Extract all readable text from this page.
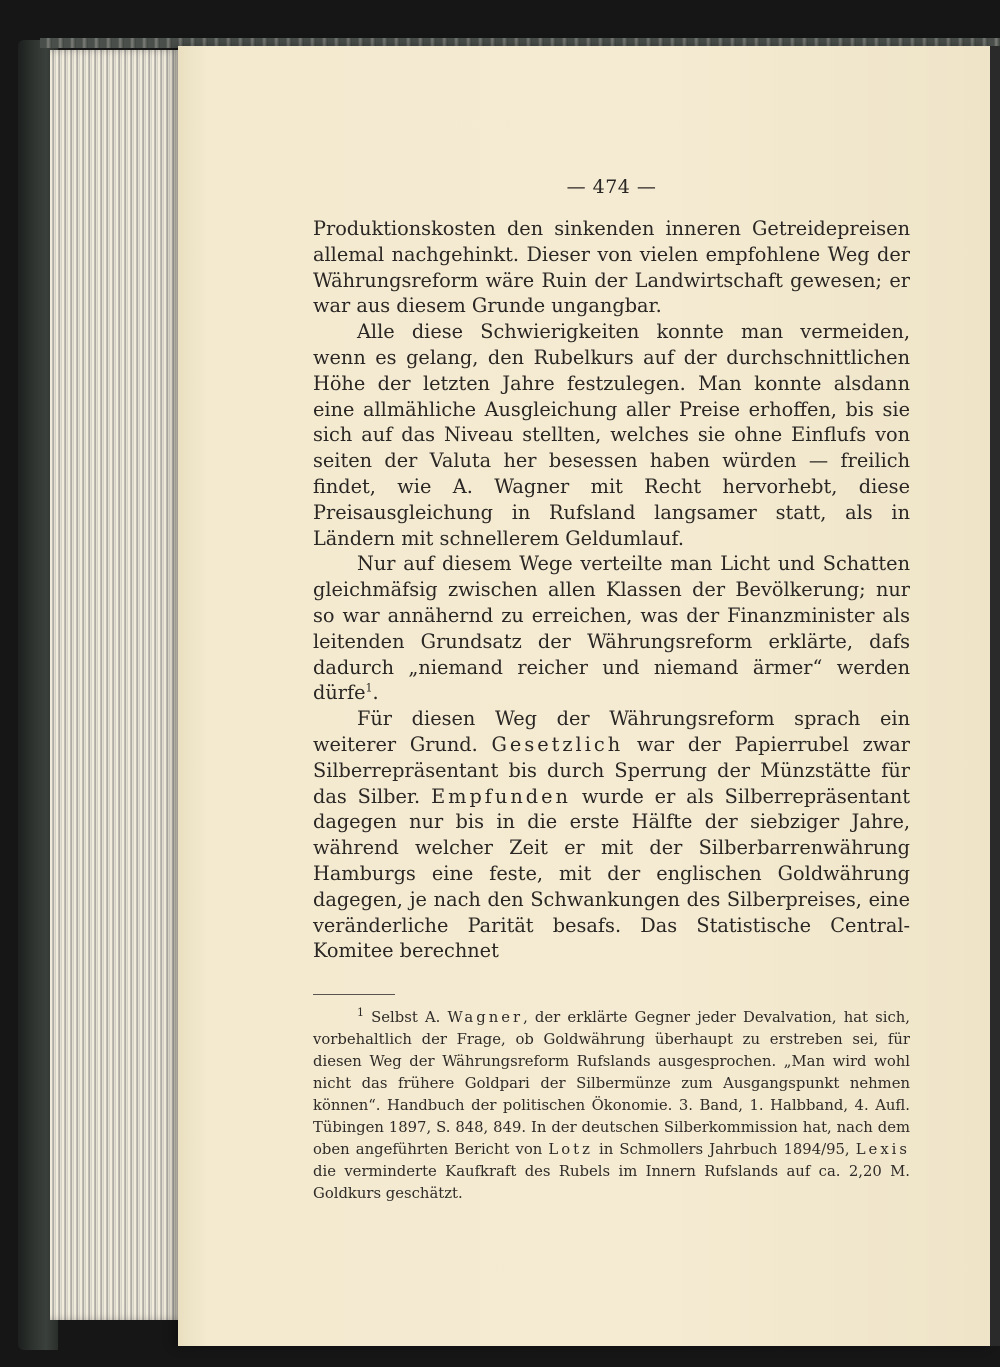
— 474 —

Produktionskosten den sinkenden inneren Getreidepreisen allemal nachgehinkt. Dieser von vielen empfohlene Weg der Währungsreform wäre Ruin der Landwirtschaft gewesen; er war aus diesem Grunde ungangbar.

Alle diese Schwierigkeiten konnte man vermeiden, wenn es gelang, den Rubelkurs auf der durchschnittlichen Höhe der letzten Jahre festzulegen. Man konnte alsdann eine allmähliche Ausgleichung aller Preise erhoffen, bis sie sich auf das Niveau stellten, welches sie ohne Einflufs von seiten der Valuta her besessen haben würden — freilich findet, wie A. Wagner mit Recht hervorhebt, diese Preisausgleichung in Rufsland langsamer statt, als in Ländern mit schnellerem Geldumlauf.

Nur auf diesem Wege verteilte man Licht und Schatten gleichmäfsig zwischen allen Klassen der Bevölkerung; nur so war annähernd zu erreichen, was der Finanzminister als leitenden Grundsatz der Währungsreform erklärte, dafs dadurch „niemand reicher und niemand ärmer“ werden dürfe$^1$.

Für diesen Weg der Währungsreform sprach ein weiterer Grund. Gesetzlich war der Papierrubel zwar Silberrepräsentant bis durch Sperrung der Münzstätte für das Silber. Empfunden wurde er als Silberrepräsentant dagegen nur bis in die erste Hälfte der siebziger Jahre, während welcher Zeit er mit der Silberbarrenwährung Hamburgs eine feste, mit der englischen Goldwährung dagegen, je nach den Schwankungen des Silberpreises, eine veränderliche Parität besafs. Das Statistische Central-Komitee berechnet

$^1$ Selbst A. Wagner, der erklärte Gegner jeder Devalvation, hat sich, vorbehaltlich der Frage, ob Goldwährung überhaupt zu erstreben sei, für diesen Weg der Währungsreform Rufslands ausgesprochen. „Man wird wohl nicht das frühere Goldpari der Silbermünze zum Ausgangspunkt nehmen können“. Handbuch der politischen Ökonomie. 3. Band, 1. Halbband, 4. Aufl. Tübingen 1897, S. 848, 849. In der deutschen Silberkommission hat, nach dem oben angeführten Bericht von Lotz in Schmollers Jahrbuch 1894/95, Lexis die verminderte Kaufkraft des Rubels im Innern Rufslands auf ca. 2,20 M. Goldkurs geschätzt.
